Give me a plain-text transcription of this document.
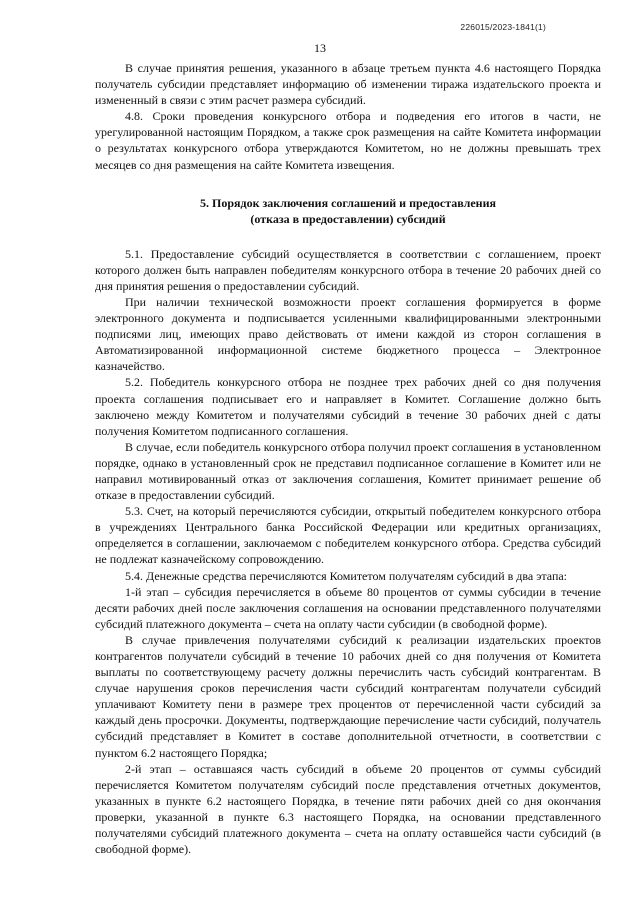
226015/2023-1841(1)
13

В случае принятия решения, указанного в абзаце третьем пункта 4.6 настоящего Порядка получатель субсидии представляет информацию об изменении тиража издательского проекта и измененный в связи с этим расчет размера субсидий.

4.8. Сроки проведения конкурсного отбора и подведения его итогов в части, не урегулированной настоящим Порядком, а также срок размещения на сайте Комитета информации о результатах конкурсного отбора утверждаются Комитетом, но не должны превышать трех месяцев со дня размещения на сайте Комитета извещения.

5. Порядок заключения соглашений и предоставления
(отказа в предоставлении) субсидий

5.1. Предоставление субсидий осуществляется в соответствии с соглашением, проект которого должен быть направлен победителям конкурсного отбора в течение 20 рабочих дней со дня принятия решения о предоставлении субсидий.

При наличии технической возможности проект соглашения формируется в форме электронного документа и подписывается усиленными квалифицированными электронными подписями лиц, имеющих право действовать от имени каждой из сторон соглашения в Автоматизированной информационной системе бюджетного процесса – Электронное казначейство.

5.2. Победитель конкурсного отбора не позднее трех рабочих дней со дня получения проекта соглашения подписывает его и направляет в Комитет. Соглашение должно быть заключено между Комитетом и получателями субсидий в течение 30 рабочих дней с даты получения Комитетом подписанного соглашения.

В случае, если победитель конкурсного отбора получил проект соглашения в установленном порядке, однако в установленный срок не представил подписанное соглашение в Комитет или не направил мотивированный отказ от заключения соглашения, Комитет принимает решение об отказе в предоставлении субсидий.

5.3. Счет, на который перечисляются субсидии, открытый победителем конкурсного отбора в учреждениях Центрального банка Российской Федерации или кредитных организациях, определяется в соглашении, заключаемом с победителем конкурсного отбора. Средства субсидий не подлежат казначейскому сопровождению.

5.4. Денежные средства перечисляются Комитетом получателям субсидий в два этапа:

1-й этап – субсидия перечисляется в объеме 80 процентов от суммы субсидии в течение десяти рабочих дней после заключения соглашения на основании представленного получателями субсидий платежного документа – счета на оплату части субсидии (в свободной форме).

В случае привлечения получателями субсидий к реализации издательских проектов контрагентов получатели субсидий в течение 10 рабочих дней со дня получения от Комитета выплаты по соответствующему расчету должны перечислить часть субсидий контрагентам. В случае нарушения сроков перечисления части субсидий контрагентам получатели субсидий уплачивают Комитету пени в размере трех процентов от перечисленной части субсидий за каждый день просрочки. Документы, подтверждающие перечисление части субсидий, получатель субсидий представляет в Комитет в составе дополнительной отчетности, в соответствии с пунктом 6.2 настоящего Порядка;

2-й этап – оставшаяся часть субсидий в объеме 20 процентов от суммы субсидий перечисляется Комитетом получателям субсидий после представления отчетных документов, указанных в пункте 6.2 настоящего Порядка, в течение пяти рабочих дней со дня окончания проверки, указанной в пункте 6.3 настоящего Порядка, на основании представленного получателями субсидий платежного документа – счета на оплату оставшейся части субсидий (в свободной форме).
